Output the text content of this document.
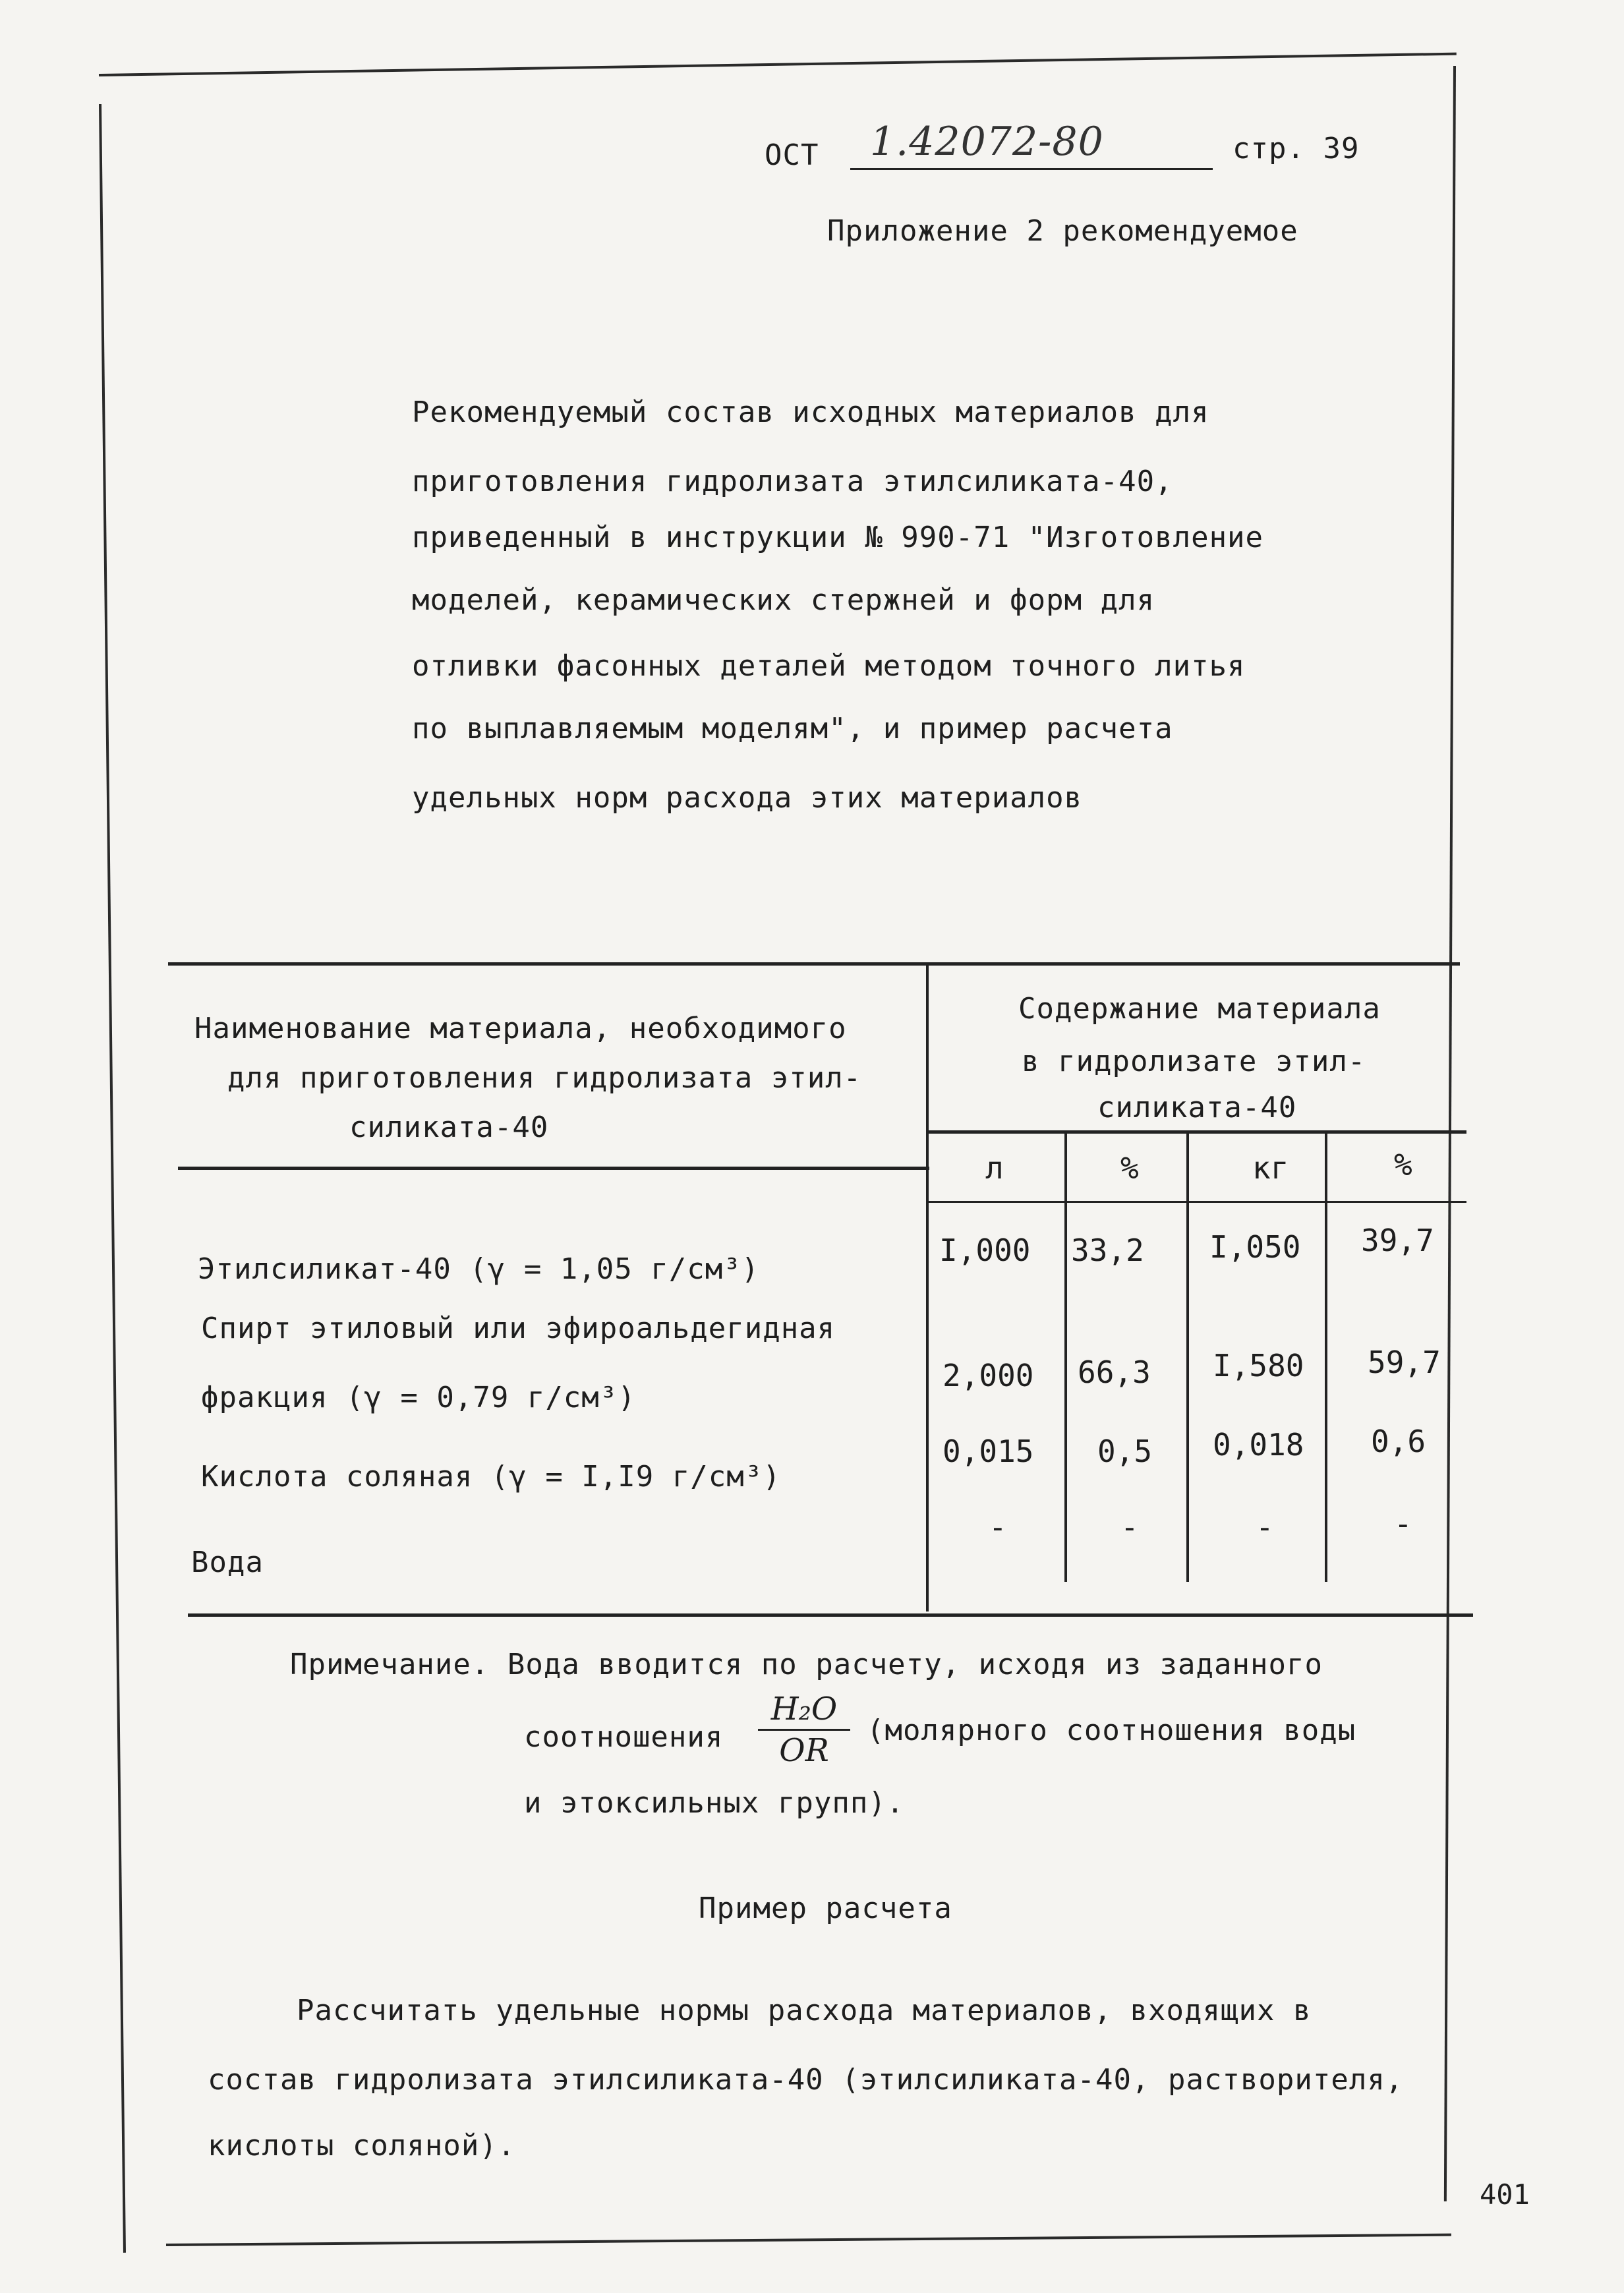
ОСТ 1.42072-80	стр. 39
Приложение 2 рекомендуемое
Рекомендуемый состав исходных материалов для
приготовления гидролизата этилсиликата-40,
приведенный в инструкции № 990-71 "Изготовление
моделей, керамических стержней и форм для
отливки фасонных деталей методом точного литья
по выплавляемым моделям", и пример расчета
удельных норм расхода этих материалов
Наименование материала, необходимого
для приготовления гидролизата этил-
силиката-40
Содержание материала
в гидролизате этил-
силиката-40
л	%	кг	%
Этилсиликат-40 (γ = 1,05 г/см³)
I,000 33,2 I,050 39,7
Спирт этиловый или эфироальдегидная
фракция (γ = 0,79 г/см³)
2,000 66,3 I,580 59,7
Кислота соляная (γ = I,I9 г/см³)
0,015 0,5 0,018 0,6
Вода
-	-	-	-
Примечание. Вода вводится по расчету, исходя из заданного
соотношения
H₂O
OR
(молярного соотношения воды
и этоксильных групп).
Пример расчета
Рассчитать удельные нормы расхода материалов, входящих в
состав гидролизата этилсиликата-40 (этилсиликата-40, растворителя,
кислоты соляной).
401
